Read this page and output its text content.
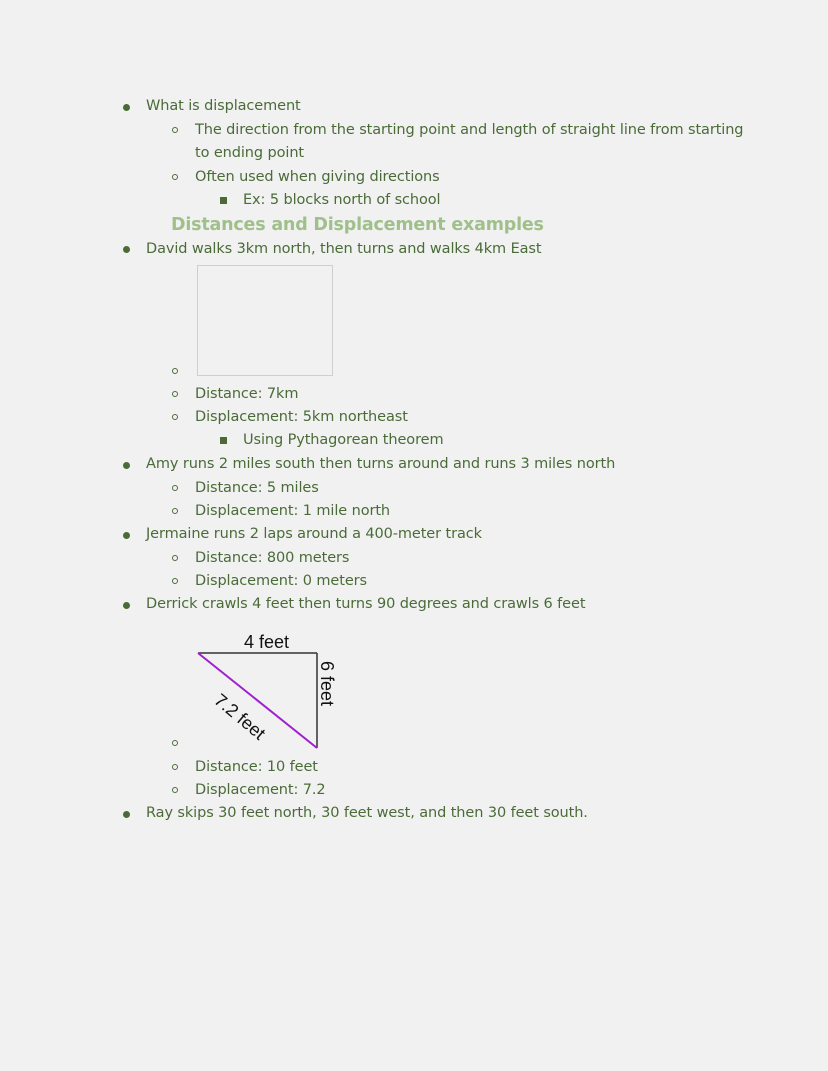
What is displacement
The direction from the starting point and length of straight line from starting
to ending point
Often used when giving directions
Ex: 5 blocks north of school
Distances and Displacement examples
David walks 3km north, then turns and walks 4km East
Distance: 7km
Displacement: 5km northeast
Using Pythagorean theorem
Amy runs 2 miles south then turns around and runs 3 miles north
Distance: 5 miles
Displacement: 1 mile north
Jermaine runs 2 laps around a 400-meter track
Distance: 800 meters
Displacement: 0 meters
Derrick crawls 4 feet then turns 90 degrees and crawls 6 feet
4 feet
6 feet
7.2 feet
Distance: 10 feet
Displacement: 7.2
Ray skips 30 feet north, 30 feet west, and then 30 feet south.
